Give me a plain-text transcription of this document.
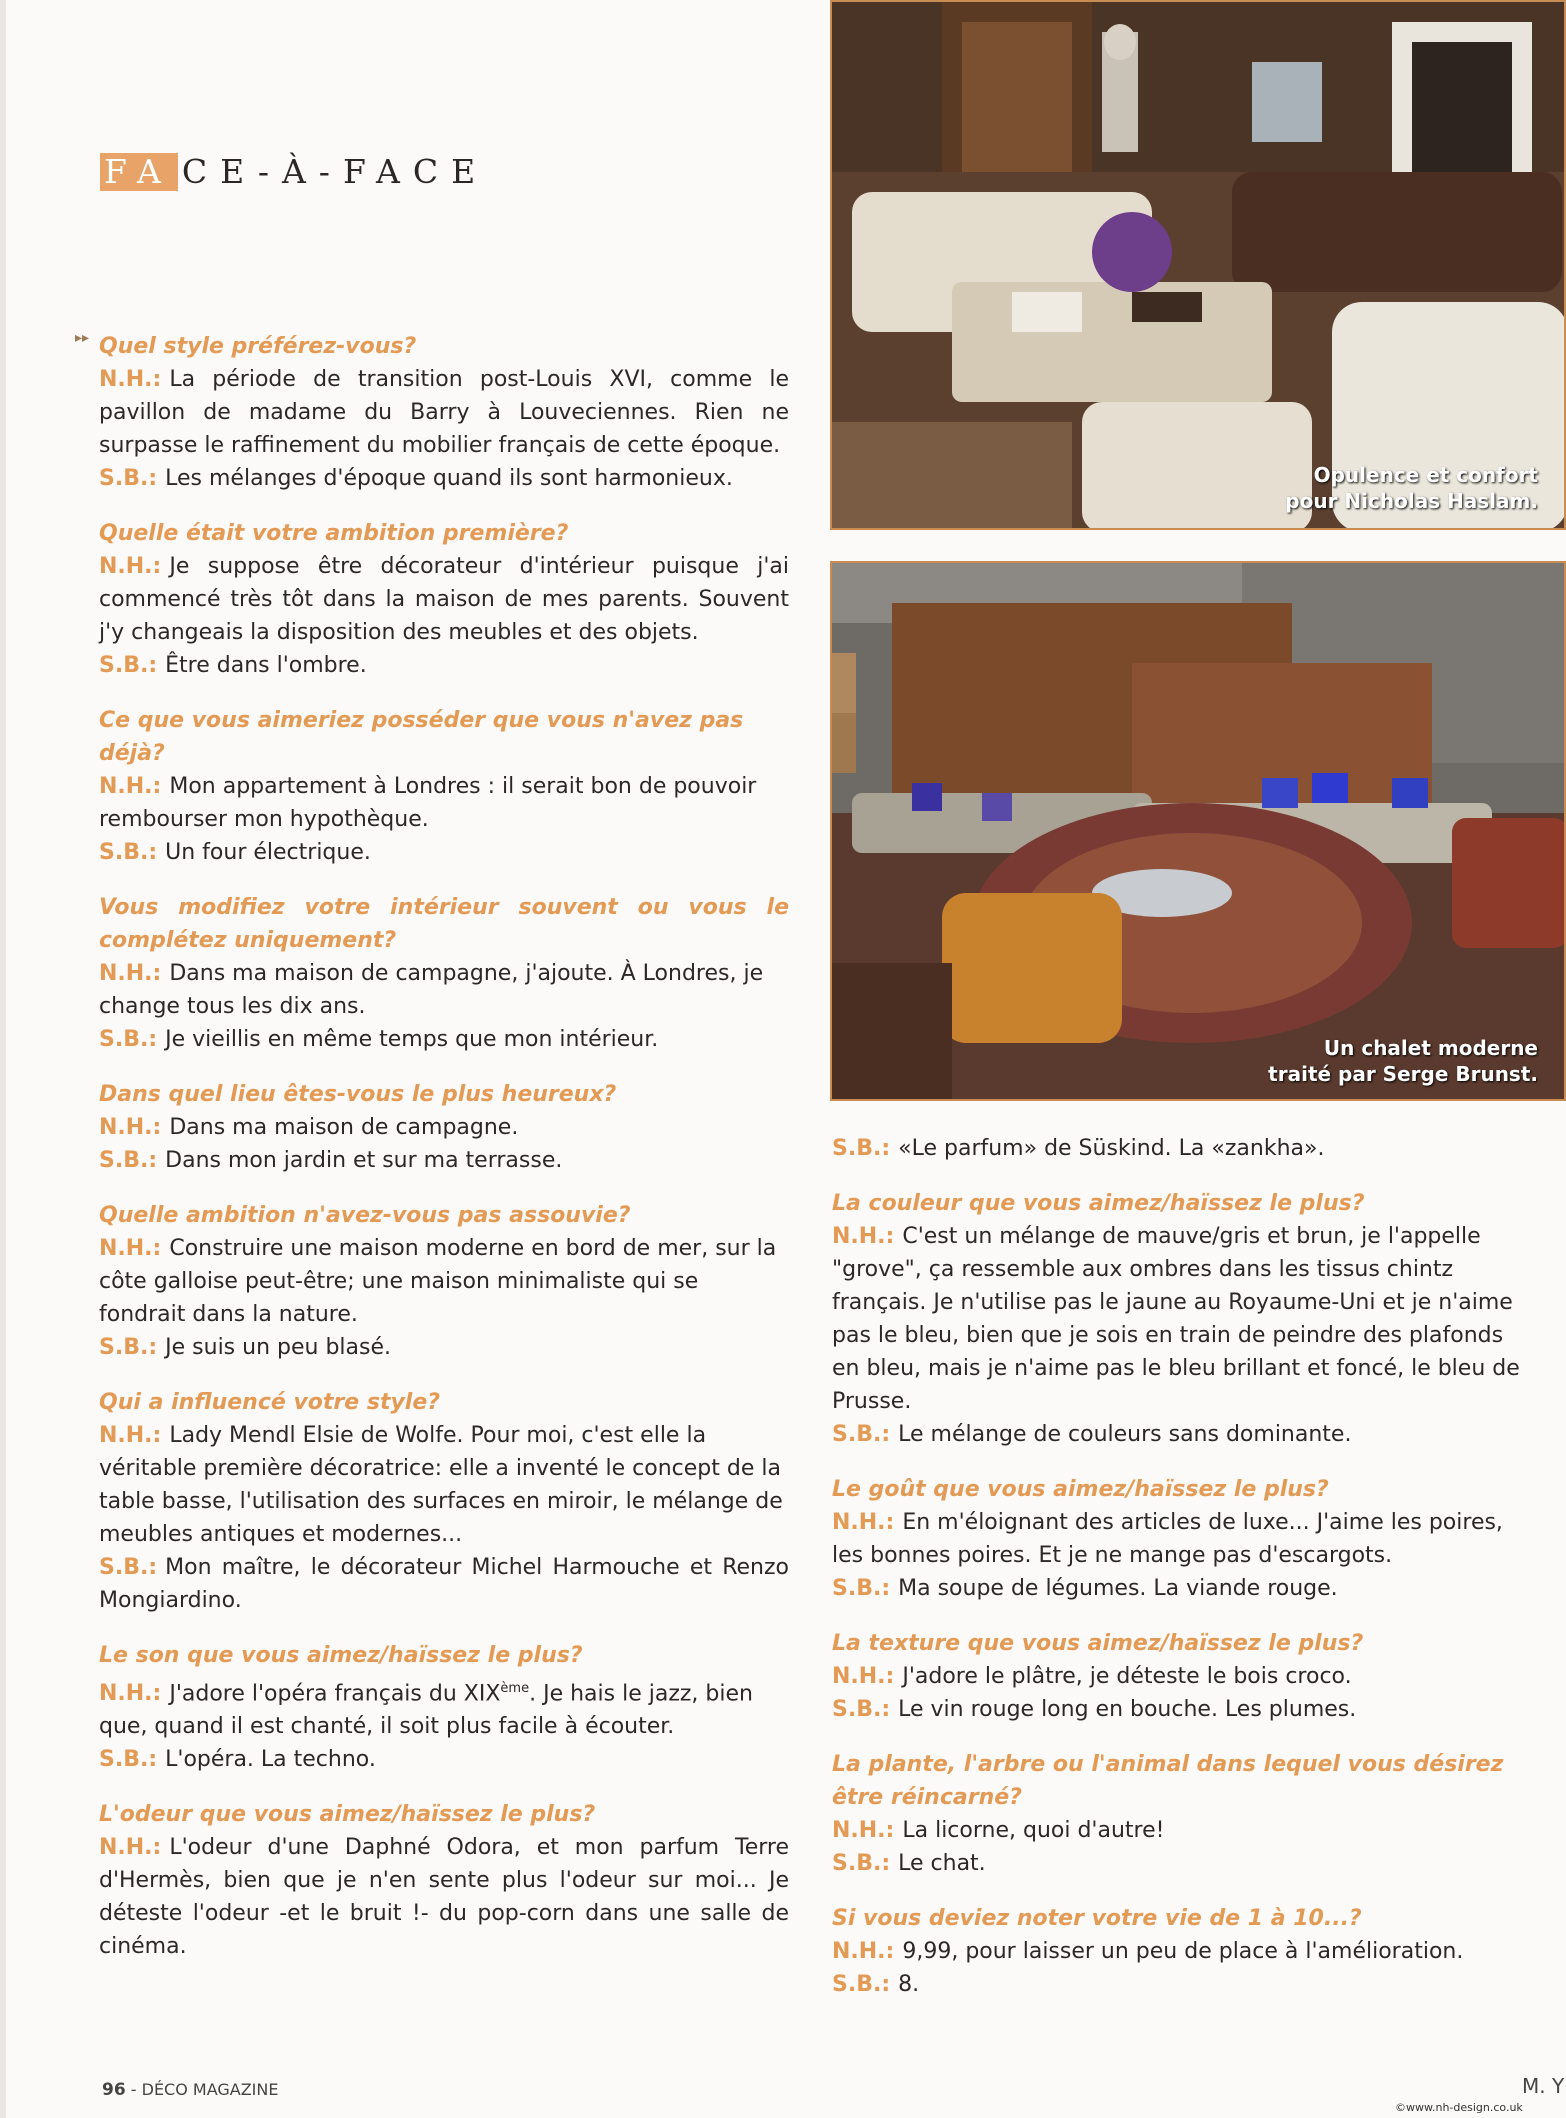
FA CE-À-FACE
Opulence et confort
pour Nicholas Haslam.
Un chalet moderne
traité par Serge Brunst.
▸▸ Quel style préférez-vous?
N.H.: La période de transition post-Louis XVI, comme le pavillon de madame du Barry à Louveciennes. Rien ne surpasse le raffinement du mobilier français de cette époque.
S.B.: Les mélanges d'époque quand ils sont harmonieux.
Quelle était votre ambition première?
N.H.: Je suppose être décorateur d'intérieur puisque j'ai commencé très tôt dans la maison de mes parents. Souvent j'y changeais la disposition des meubles et des objets.
S.B.: Être dans l'ombre.
Ce que vous aimeriez posséder que vous n'avez pas déjà?
N.H.: Mon appartement à Londres : il serait bon de pouvoir rembourser mon hypothèque.
S.B.: Un four électrique.
Vous modifiez votre intérieur souvent ou vous le complétez uniquement?
N.H.: Dans ma maison de campagne, j'ajoute. À Londres, je change tous les dix ans.
S.B.: Je vieillis en même temps que mon intérieur.
Dans quel lieu êtes-vous le plus heureux?
N.H.: Dans ma maison de campagne.
S.B.: Dans mon jardin et sur ma terrasse.
Quelle ambition n'avez-vous pas assouvie?
N.H.: Construire une maison moderne en bord de mer, sur la côte galloise peut-être; une maison minimaliste qui se fondrait dans la nature.
S.B.: Je suis un peu blasé.
Qui a influencé votre style?
N.H.: Lady Mendl Elsie de Wolfe. Pour moi, c'est elle la véritable première décoratrice: elle a inventé le concept de la table basse, l'utilisation des surfaces en miroir, le mélange de meubles antiques et modernes...
S.B.: Mon maître, le décorateur Michel Harmouche et Renzo Mongiardino.
Le son que vous aimez/haïssez le plus?
N.H.: J'adore l'opéra français du XIXème. Je hais le jazz, bien que, quand il est chanté, il soit plus facile à écouter.
S.B.: L'opéra. La techno.
L'odeur que vous aimez/haïssez le plus?
N.H.: L'odeur d'une Daphné Odora, et mon parfum Terre d'Hermès, bien que je n'en sente plus l'odeur sur moi... Je déteste l'odeur -et le bruit !- du pop-corn dans une salle de cinéma.
S.B.: «Le parfum» de Süskind. La «zankha».
La couleur que vous aimez/haïssez le plus?
N.H.: C'est un mélange de mauve/gris et brun, je l'appelle "grove", ça ressemble aux ombres dans les tissus chintz français. Je n'utilise pas le jaune au Royaume-Uni et je n'aime pas le bleu, bien que je sois en train de peindre des plafonds en bleu, mais je n'aime pas le bleu brillant et foncé, le bleu de Prusse.
S.B.: Le mélange de couleurs sans dominante.
Le goût que vous aimez/haïssez le plus?
N.H.: En m'éloignant des articles de luxe... J'aime les poires, les bonnes poires. Et je ne mange pas d'escargots.
S.B.: Ma soupe de légumes. La viande rouge.
La texture que vous aimez/haïssez le plus?
N.H.: J'adore le plâtre, je déteste le bois croco.
S.B.: Le vin rouge long en bouche. Les plumes.
La plante, l'arbre ou l'animal dans lequel vous désirez être réincarné?
N.H.: La licorne, quoi d'autre!
S.B.: Le chat.
Si vous deviez noter votre vie de 1 à 10...?
N.H.: 9,99, pour laisser un peu de place à l'amélioration.
S.B.: 8.
96 - DÉCO MAGAZINE	M. Y
©www.nh-design.co.uk
